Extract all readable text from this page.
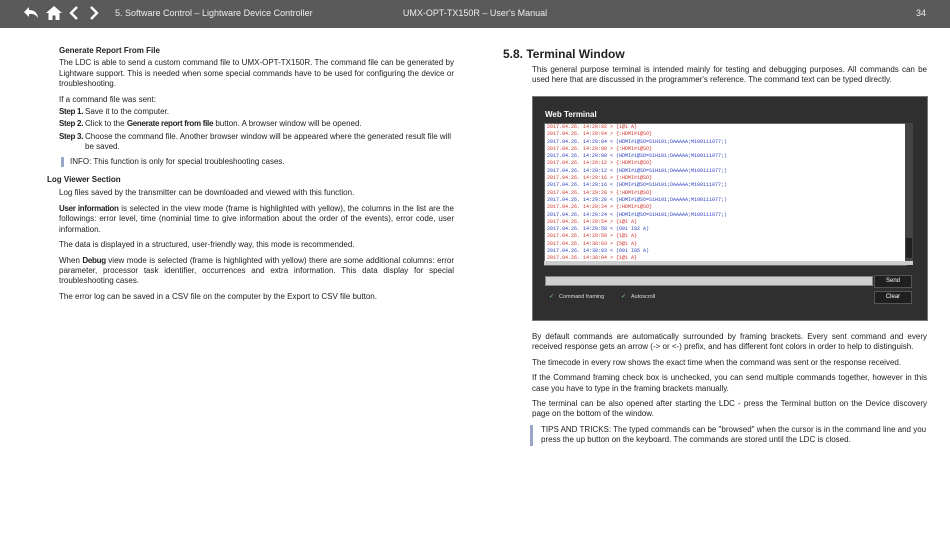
UMX-OPT-TX150R – User's Manual
5. Software Control – Lightware Device Controller	34
Generate Report From File

The LDC is able to send a custom command file to UMX-OPT-TX150R. The command file can be generated by Lightware support. This is needed when some special commands have to be used for configuring the device or troubleshooting.

If a command file was sent:

Step 1. Save it to the computer.
Step 2. Click to the Generate report from file button. A browser window will be opened.
Step 3. Choose the command file. Another browser window will be appeared where the generated result file will be saved.
INFO: This function is only for special troubleshooting cases.
Log Viewer Section

Log files saved by the transmitter can be downloaded and viewed with this function.

User information is selected in the view mode (frame is highlighted with yellow), the columns in the list are the followings: error level, time (nominial time to give information about the order of the events), error code, user information.

The data is displayed in a structured, user-friendly way, this mode is recommended.

When Debug view mode is selected (frame is highlighted with yellow) there are some additional columns: error parameter, processor task identifier, occurrences and extra information. This data display for special troubleshooting cases.

The error log can be saved in a CSV file on the computer by the Export to CSV file button.

5.8. Terminal Window

This general purpose terminal is intended mainly for testing and debugging purposes. All commands can be used here that are discussed in the programmer's reference. The command text can be typed directly.

Web Terminal
2017.04.26. 14:29:02 > {1@1 A}
2017.04.26. 14:29:04 > {:HDMI#1@SO}
2017.04.26. 14:29:04 < (HDMI#1@SO=S1H101;DAAAAA;M100111077;)
2017.04.26. 14:29:08 > {:HDMI#1@SO}
2017.04.26. 14:29:08 < (HDMI#1@SO=S1H101;DAAAAA;M100111077;)
2017.04.26. 14:29:12 > {:HDMI#1@SO}
2017.04.26. 14:29:12 < (HDMI#1@SO=S1H101;DAAAAA;M100111077;)
2017.04.26. 14:29:16 > {:HDMI#1@SO}
2017.04.26. 14:29:16 < (HDMI#1@SO=S1H101;DAAAAA;M100111077;)
2017.04.26. 14:29:20 > {:HDMI#1@SO}
2017.04.26. 14:29:20 < (HDMI#1@SO=S1H101;DAAAAA;M100111077;)
2017.04.26. 14:29:24 > {:HDMI#1@SO}
2017.04.26. 14:29:24 < (HDMI#1@SO=S1H101;DAAAAA;M100111077;)
2017.04.26. 14:29:54 > {1@1 A}
2017.04.26. 14:29:58 < (O01 I02 A)
2017.04.26. 14:29:59 > {1@1 A}
2017.04.26. 14:30:03 > {5@1 A}
2017.04.26. 14:30:03 < (O01 I05 A)
2017.04.26. 14:30:04 > {1@1 A}
Send
Clear
✓ Command framing	✓ Autoscroll

By default commands are automatically surrounded by framing brackets. Every sent command and every received response gets an arrow (-> or <-) prefix, and has different font colors in order to help to distinguish.

The timecode in every row shows the exact time when the command was sent or the response received.

If the Command framing check box is unchecked, you can send multiple commands together, however in this case you have to type in the framing brackets manually.

The terminal can be also opened after starting the LDC - press the Terminal button on the Device discovery page on the bottom of the window.

TIPS AND TRICKS: The typed commands can be "browsed" when the cursor is in the command line and you press the up button on the keyboard. The commands are stored until the LDC is closed.
